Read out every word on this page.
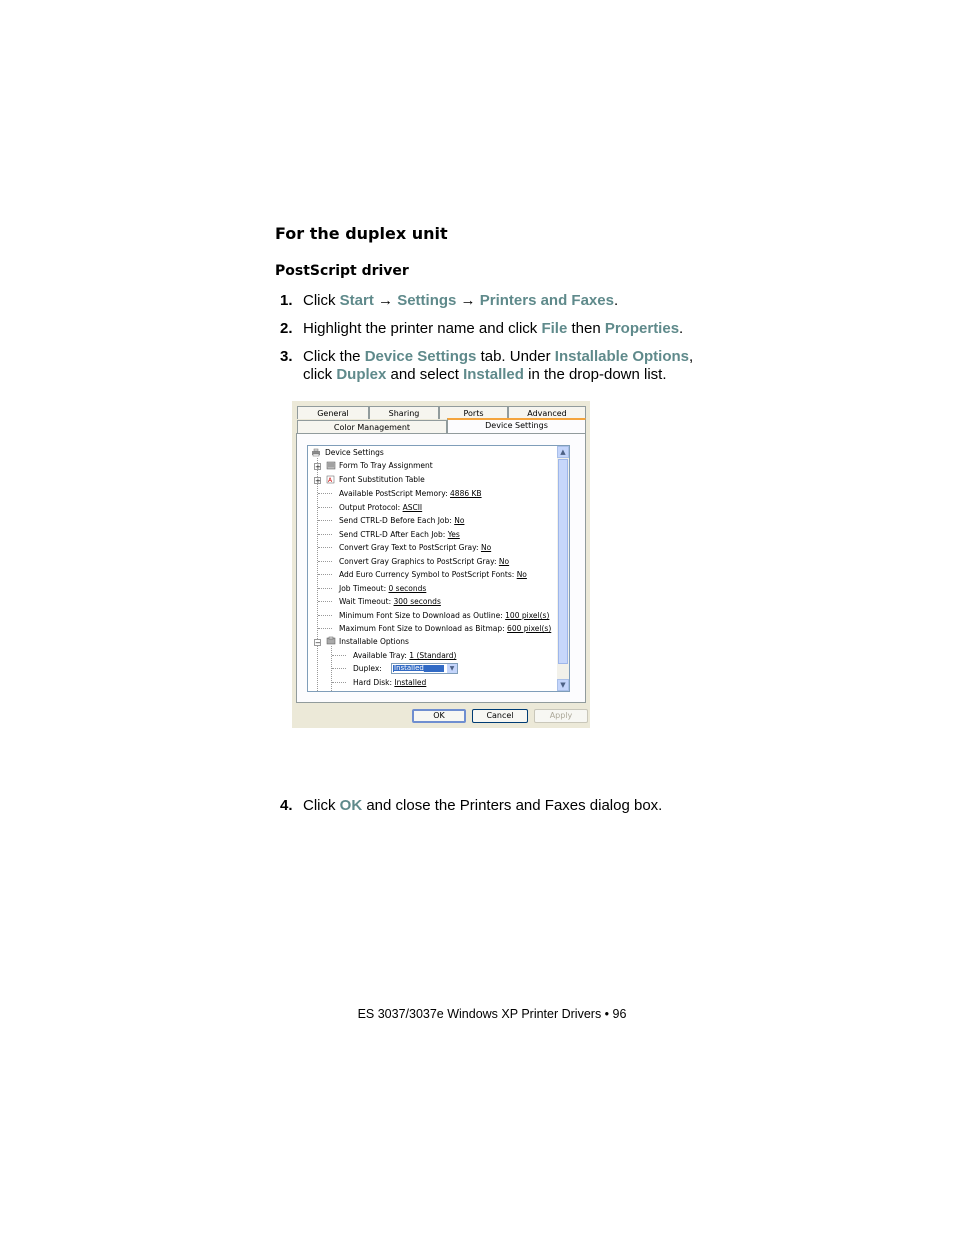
For the duplex unit
PostScript driver
1. Click Start → Settings → Printers and Faxes.
2. Highlight the printer name and click File then Properties.
3. Click the Device Settings tab. Under Installable Options,
click Duplex and select Installed in the drop-down list.
General	Sharing	Ports	Advanced
Color Management	Device Settings
Device Settings
+ Form To Tray Assignment
+ A Font Substitution Table
Available PostScript Memory: 4886 KB
Output Protocol: ASCII
Send CTRL-D Before Each Job: No
Send CTRL-D After Each Job: Yes
Convert Gray Text to PostScript Gray: No
Convert Gray Graphics to PostScript Gray: No
Add Euro Currency Symbol to PostScript Fonts: No
Job Timeout: 0 seconds
Wait Timeout: 300 seconds
Minimum Font Size to Download as Outline: 100 pixel(s)
Maximum Font Size to Download as Bitmap: 600 pixel(s)
− Installable Options
Available Tray: 1 (Standard)
Duplex: Installed	▼
Hard Disk: Installed
▲
▼
OK	Cancel	Apply
4. Click OK and close the Printers and Faxes dialog box.
ES 3037/3037e Windows XP Printer Drivers • 96
